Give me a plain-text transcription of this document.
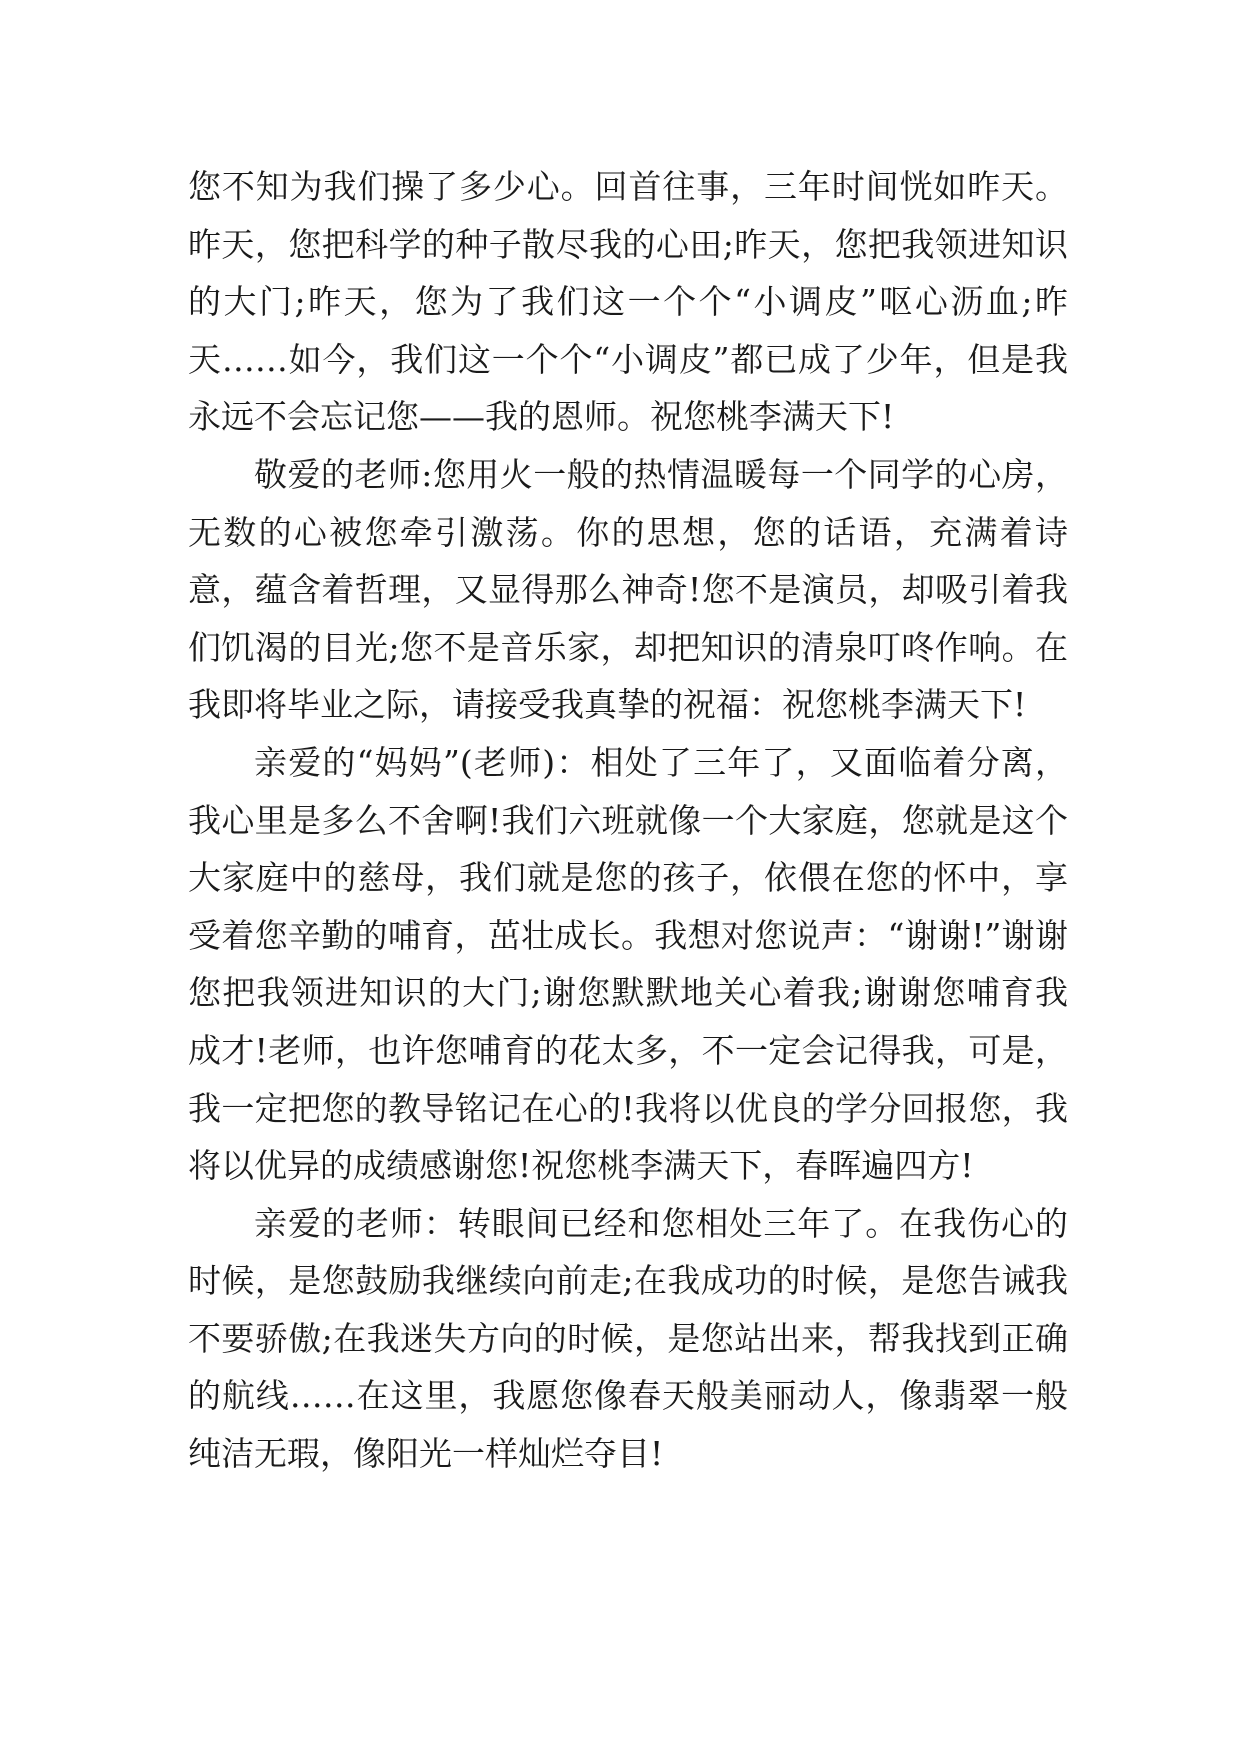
您不知为我们操了多少心。回首往事，三年时间恍如昨天。昨天，您把科学的种子散尽我的心田;昨天，您把我领进知识的大门;昨天，您为了我们这一个个“小调皮”呕心沥血;昨天……如今，我们这一个个“小调皮”都已成了少年，但是我永远不会忘记您——我的恩师。祝您桃李满天下!

敬爱的老师:您用火一般的热情温暖每一个同学的心房，无数的心被您牵引激荡。你的思想，您的话语，充满着诗意，蕴含着哲理，又显得那么神奇!您不是演员，却吸引着我们饥渴的目光;您不是音乐家，却把知识的清泉叮咚作响。在我即将毕业之际，请接受我真挚的祝福：祝您桃李满天下!

亲爱的“妈妈”(老师)：相处了三年了，又面临着分离，我心里是多么不舍啊!我们六班就像一个大家庭，您就是这个大家庭中的慈母，我们就是您的孩子，依偎在您的怀中，享受着您辛勤的哺育，茁壮成长。我想对您说声：“谢谢!”谢谢您把我领进知识的大门;谢您默默地关心着我;谢谢您哺育我成才!老师，也许您哺育的花太多，不一定会记得我，可是，我一定把您的教导铭记在心的!我将以优良的学分回报您，我将以优异的成绩感谢您!祝您桃李满天下，春晖遍四方!

亲爱的老师：转眼间已经和您相处三年了。在我伤心的时候，是您鼓励我继续向前走;在我成功的时候，是您告诫我不要骄傲;在我迷失方向的时候，是您站出来，帮我找到正确的航线……在这里，我愿您像春天般美丽动人，像翡翠一般纯洁无瑕，像阳光一样灿烂夺目!
